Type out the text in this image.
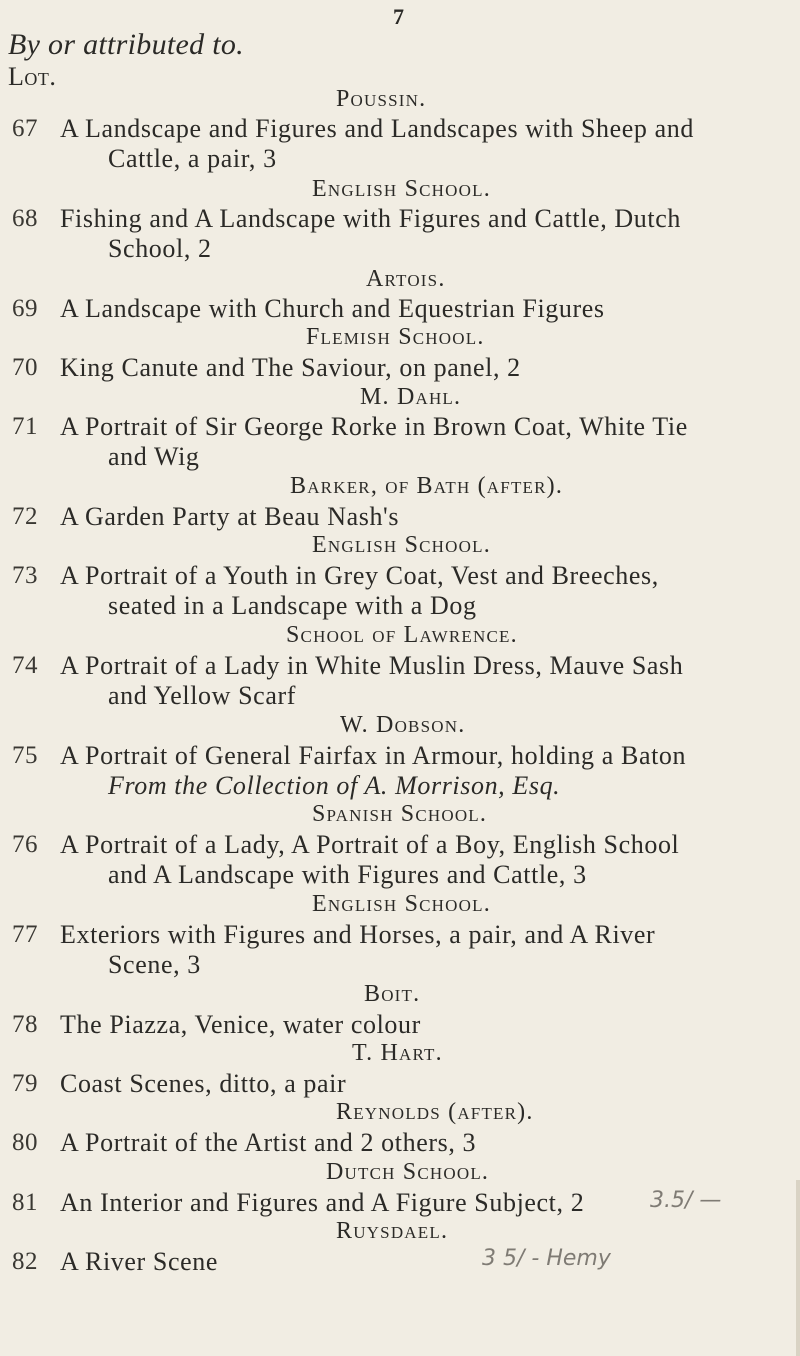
7
By or attributed to.
Lot.
Poussin.
67 A Landscape and Figures and Landscapes with Sheep and
Cattle, a pair, 3
English School.
68 Fishing and A Landscape with Figures and Cattle, Dutch
School, 2
Artois.
69 A Landscape with Church and Equestrian Figures
Flemish School.
70 King Canute and The Saviour, on panel, 2
M. Dahl.
71 A Portrait of Sir George Rorke in Brown Coat, White Tie
and Wig
Barker, of Bath (after).
72 A Garden Party at Beau Nash's
English School.
73 A Portrait of a Youth in Grey Coat, Vest and Breeches,
seated in a Landscape with a Dog
School of Lawrence.
74 A Portrait of a Lady in White Muslin Dress, Mauve Sash
and Yellow Scarf
W. Dobson.
75 A Portrait of General Fairfax in Armour, holding a Baton
From the Collection of A. Morrison, Esq.
Spanish School.
76 A Portrait of a Lady, A Portrait of a Boy, English School
and A Landscape with Figures and Cattle, 3
English School.
77 Exteriors with Figures and Horses, a pair, and A River
Scene, 3
Boit.
78 The Piazza, Venice, water colour
T. Hart.
79 Coast Scenes, ditto, a pair
Reynolds (after).
80 A Portrait of the Artist and 2 others, 3
Dutch School.
81 An Interior and Figures and A Figure Subject, 2	3.5/ —
Ruysdael.
82 A River Scene	3 5/ - Hemy
